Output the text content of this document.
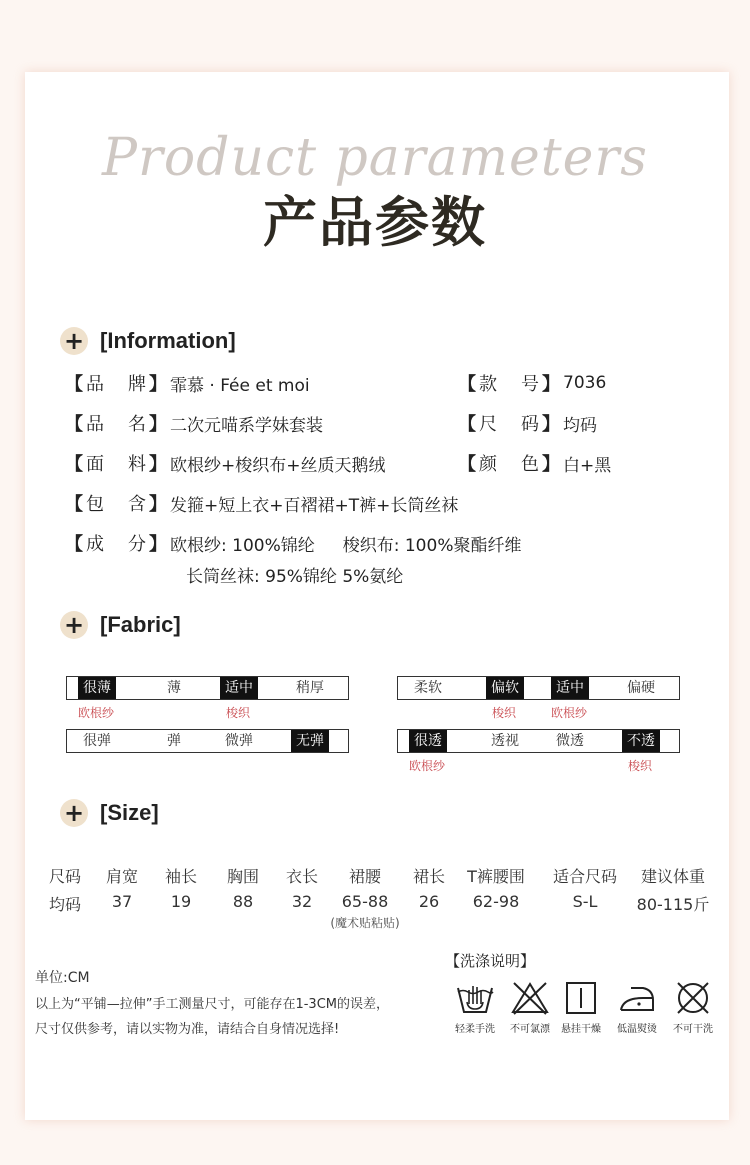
Product parameters
产品参数
+ [Information]
【 品牌 】 霏慕 · Fée et moi	【 款号 】 7036
【 品名 】 二次元喵系学妹套装	【 尺码 】 均码
【 面料 】 欧根纱+梭织布+丝质天鹅绒	【 颜色 】 白+黑
【 包含 】 发箍+短上衣+百褶裙+T裤+长筒丝袜
【 成分 】 欧根纱: 100%锦纶 梭织布: 100%聚酯纤维
长筒丝袜: 95%锦纶 5%氨纶
+ [Fabric]
欧根纱	梭织
很薄	薄	适中	稍厚
梭织	欧根纱
柔软	偏软	适中	偏硬
很弹	弹	微弹	无弹
欧根纱	梭织
很透	透视	微透	不透
+ [Size]
尺码	肩宽	袖长	胸围	衣长	裙腰	裙长	T裤腰围	适合尺码	建议体重
均码	37	19	88	32	65-88	26	62-98	S-L	80-115斤
(魔术贴粘贴)
单位:CM
以上为“平铺—拉伸”手工测量尺寸，可能存在1-3CM的误差，
尺寸仅供参考，请以实物为准，请结合自身情况选择!
【洗涤说明】
轻柔手洗	不可氯漂	悬挂干燥	低温熨烫	不可干洗
